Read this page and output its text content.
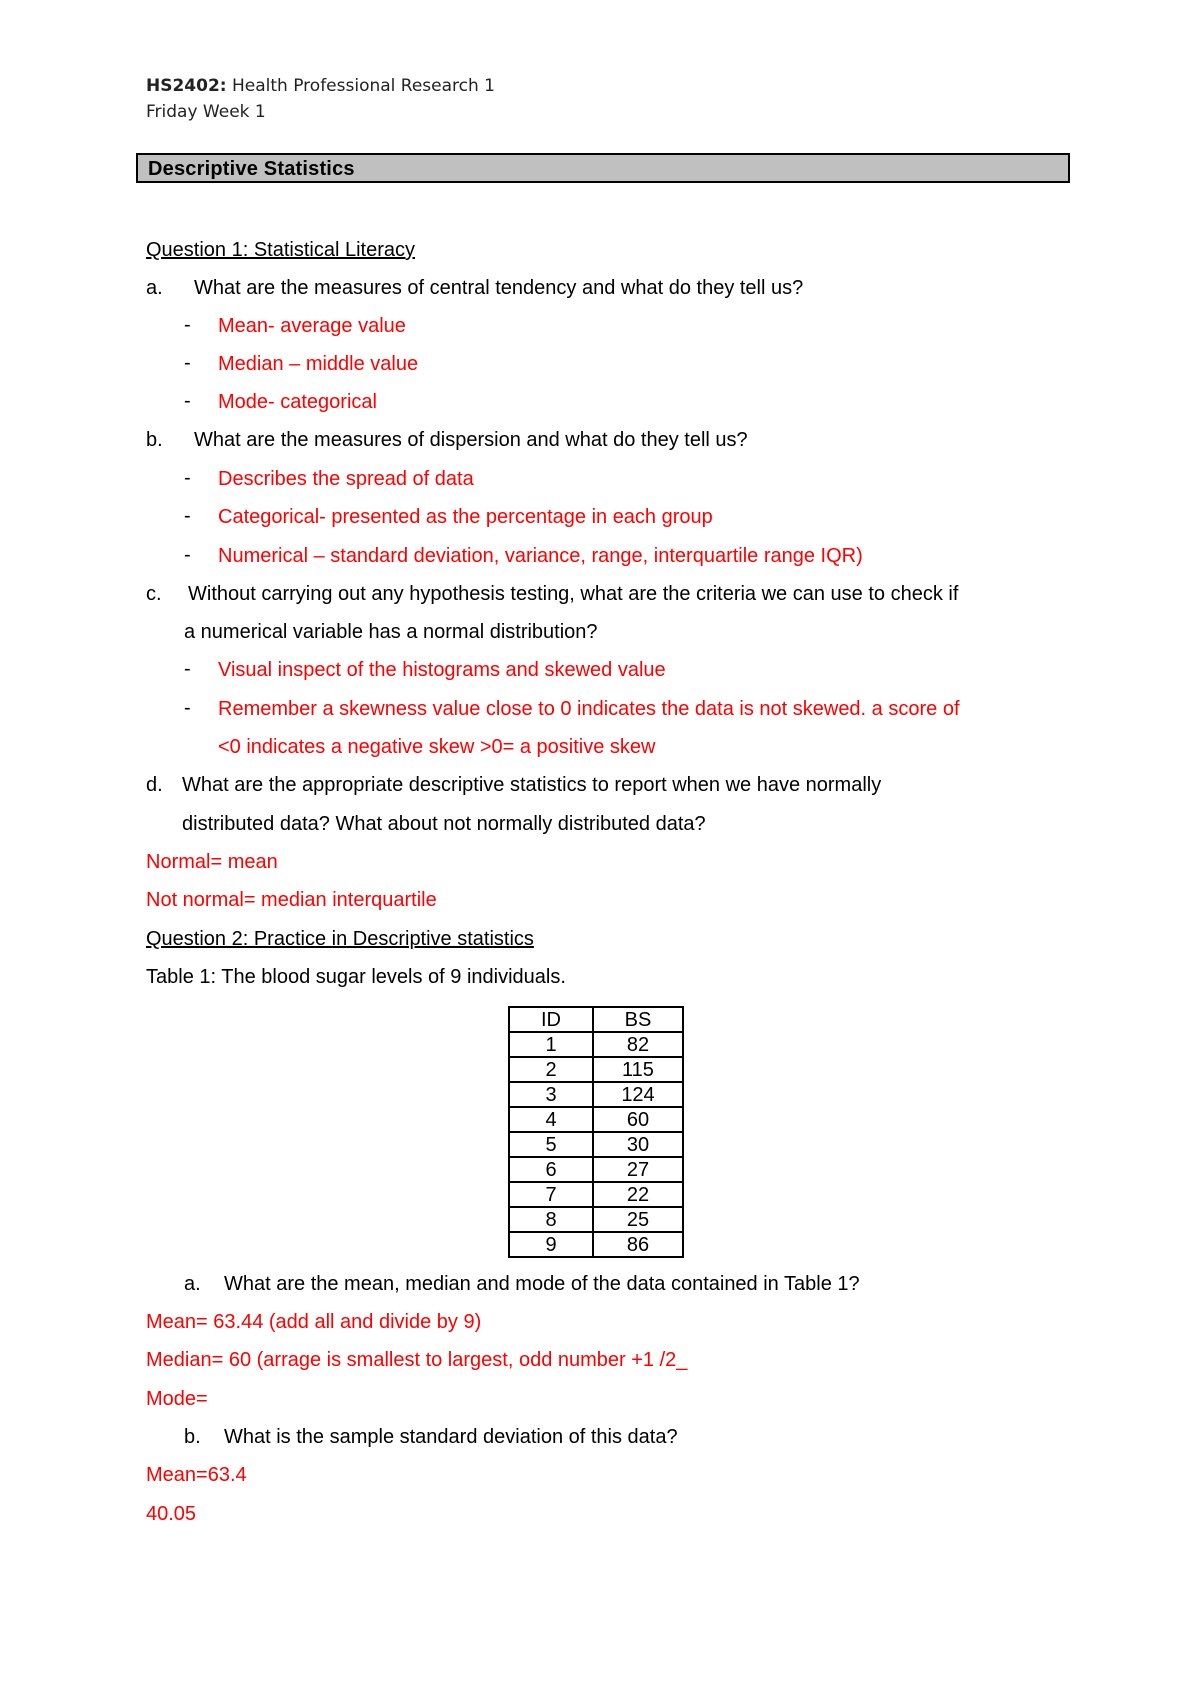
HS2402: Health Professional Research 1
Friday Week 1
Descriptive Statistics
Question 1: Statistical Literacy
a. What are the measures of central tendency and what do they tell us?
- Mean- average value
- Median – middle value
- Mode- categorical
b. What are the measures of dispersion and what do they tell us?
- Describes the spread of data
- Categorical- presented as the percentage in each group
- Numerical – standard deviation, variance, range, interquartile range IQR)
c. Without carrying out any hypothesis testing, what are the criteria we can use to check if
a numerical variable has a normal distribution?
- Visual inspect of the histograms and skewed value
- Remember a skewness value close to 0 indicates the data is not skewed. a score of
<0 indicates a negative skew >0= a positive skew
d. What are the appropriate descriptive statistics to report when we have normally
distributed data? What about not normally distributed data?
Normal= mean
Not normal= median interquartile
Question 2: Practice in Descriptive statistics
Table 1: The blood sugar levels of 9 individuals.
ID	BS
1	82
2	115
3	124
4	60
5	30
6	27
7	22
8	25
9	86
a. What are the mean, median and mode of the data contained in Table 1?
Mean= 63.44 (add all and divide by 9)
Median= 60 (arrage is smallest to largest, odd number +1 /2_
Mode=
b. What is the sample standard deviation of this data?
Mean=63.4
40.05
